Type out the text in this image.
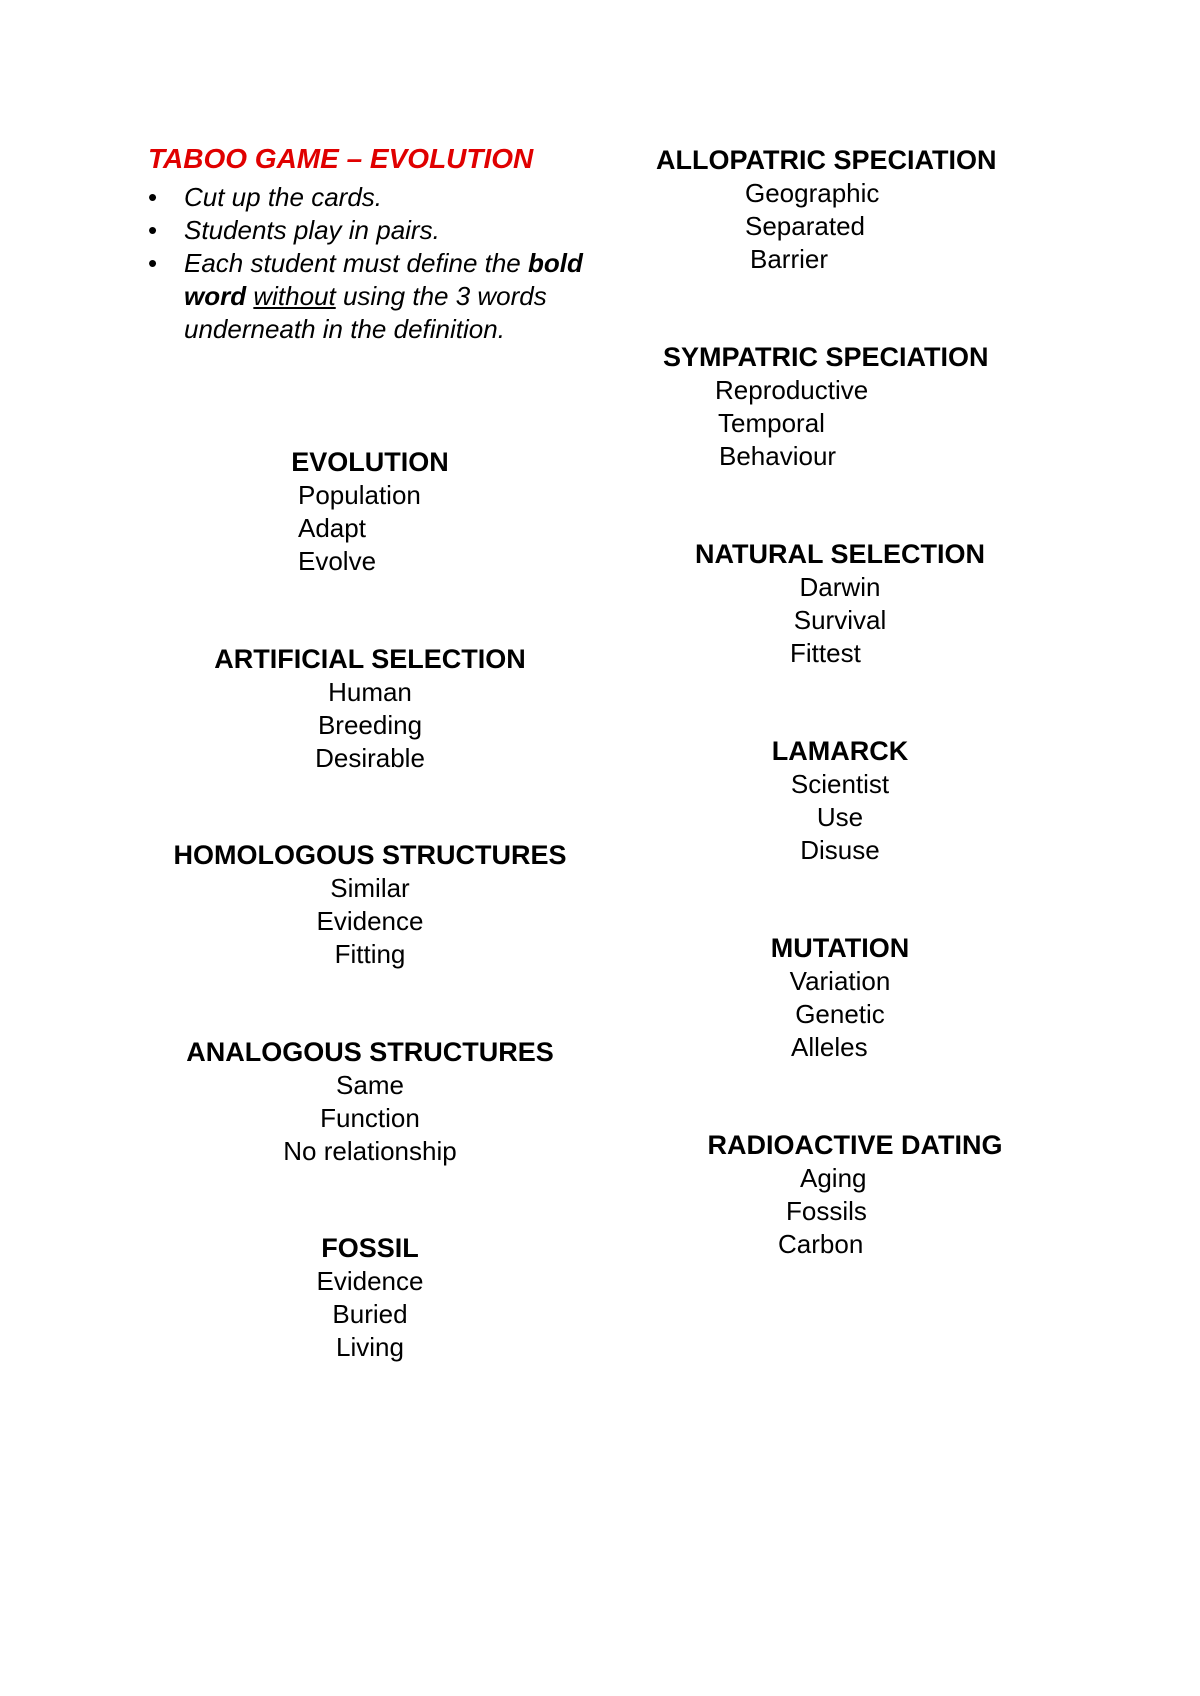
TABOO GAME – EVOLUTION
• Cut up the cards.
• Students play in pairs.
• Each student must define the bold word without using the 3 words underneath in the definition.
EVOLUTION
Population
Adapt
Evolve
ARTIFICIAL SELECTION
Human
Breeding
Desirable
HOMOLOGOUS STRUCTURES
Similar
Evidence
Fitting
ANALOGOUS STRUCTURES
Same
Function
No relationship
FOSSIL
Evidence
Buried
Living
ALLOPATRIC SPECIATION
Geographic
Separated
Barrier
SYMPATRIC SPECIATION
Reproductive
Temporal
Behaviour
NATURAL SELECTION
Darwin
Survival
Fittest
LAMARCK
Scientist
Use
Disuse
MUTATION
Variation
Genetic
Alleles
RADIOACTIVE DATING
Aging
Fossils
Carbon
